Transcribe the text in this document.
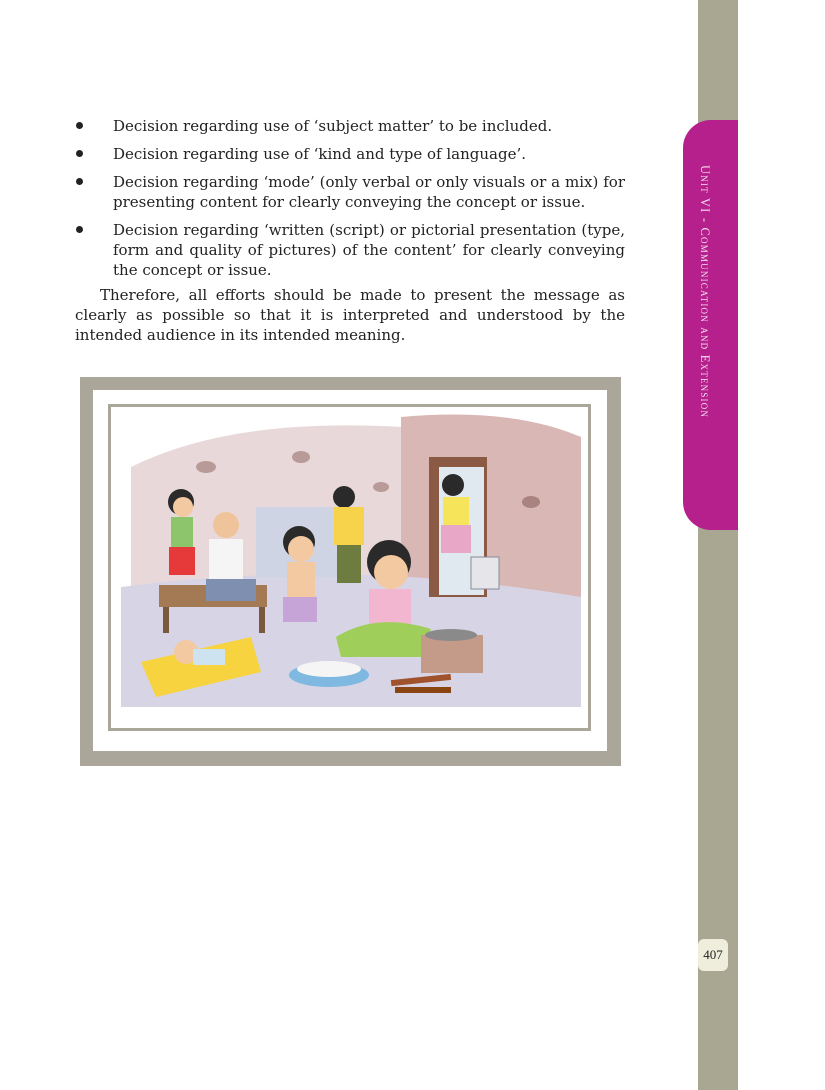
Unit VI - Communication and Extension
407
Decision regarding use of ‘subject matter’ to be included.
Decision regarding use of ‘kind and type of language’.
Decision regarding ‘mode’ (only verbal or only visuals or a mix) for presenting content for clearly conveying the concept or issue.
Decision regarding ‘written (script) or pictorial presentation (type, form and quality of pictures) of the content’ for clearly conveying the concept or issue.

Therefore, all efforts should be made to present the message as clearly as possible so that it is interpreted and understood by the intended audience in its intended meaning.
